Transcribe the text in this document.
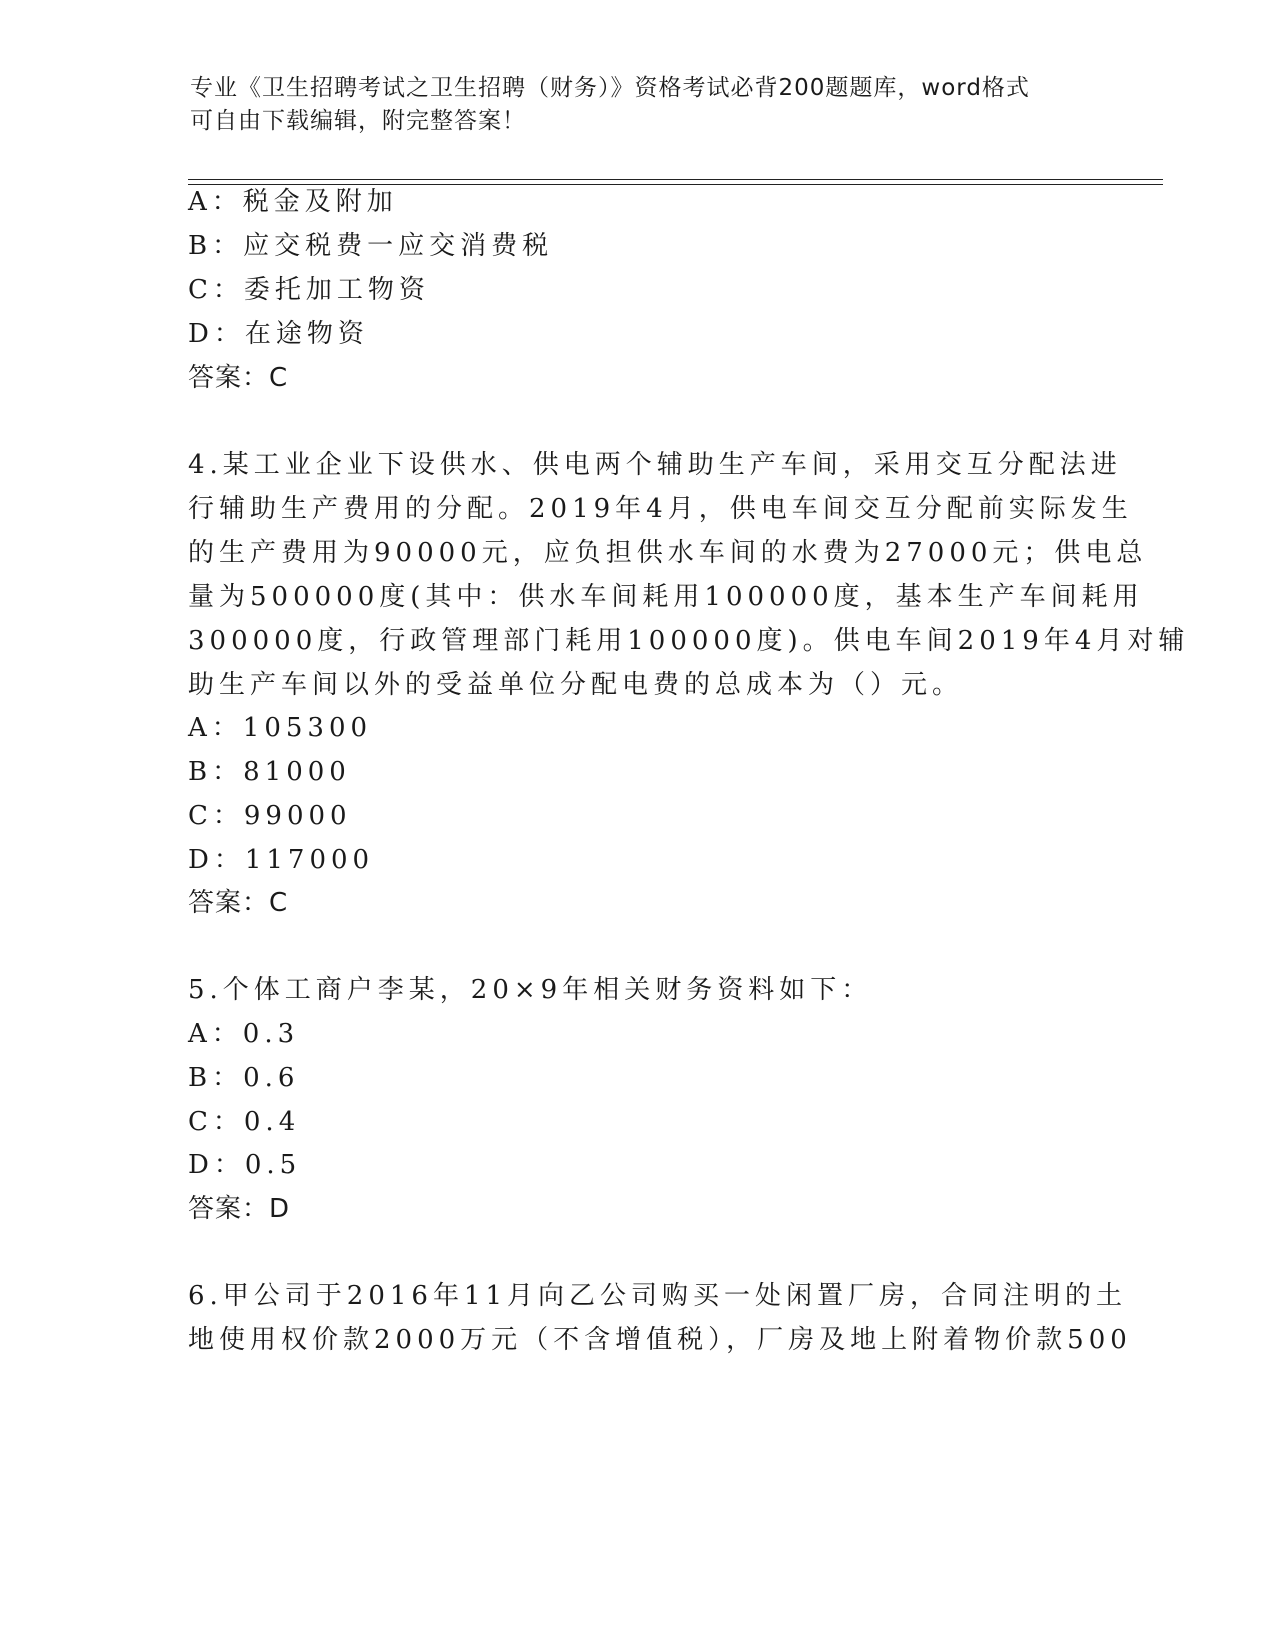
专业《卫生招聘考试之卫生招聘（财务）》资格考试必背200题题库，word格式
可自由下载编辑，附完整答案！
A：税金及附加
B：应交税费一应交消费税
C：委托加工物资
D：在途物资
答案：C
4.某工业企业下设供水、供电两个辅助生产车间，采用交互分配法进
行辅助生产费用的分配。2019年4月，供电车间交互分配前实际发生
的生产费用为90000元，应负担供水车间的水费为27000元；供电总
量为500000度(其中：供水车间耗用100000度，基本生产车间耗用
300000度，行政管理部门耗用100000度)。供电车间2019年4月对辅
助生产车间以外的受益单位分配电费的总成本为（）元。
A：105300
B：81000
C：99000
D：117000
答案：C
5.个体工商户李某，20×9年相关财务资料如下：
A：0.3
B：0.6
C：0.4
D：0.5
答案：D
6.甲公司于2016年11月向乙公司购买一处闲置厂房，合同注明的土
地使用权价款2000万元（不含增值税），厂房及地上附着物价款500
